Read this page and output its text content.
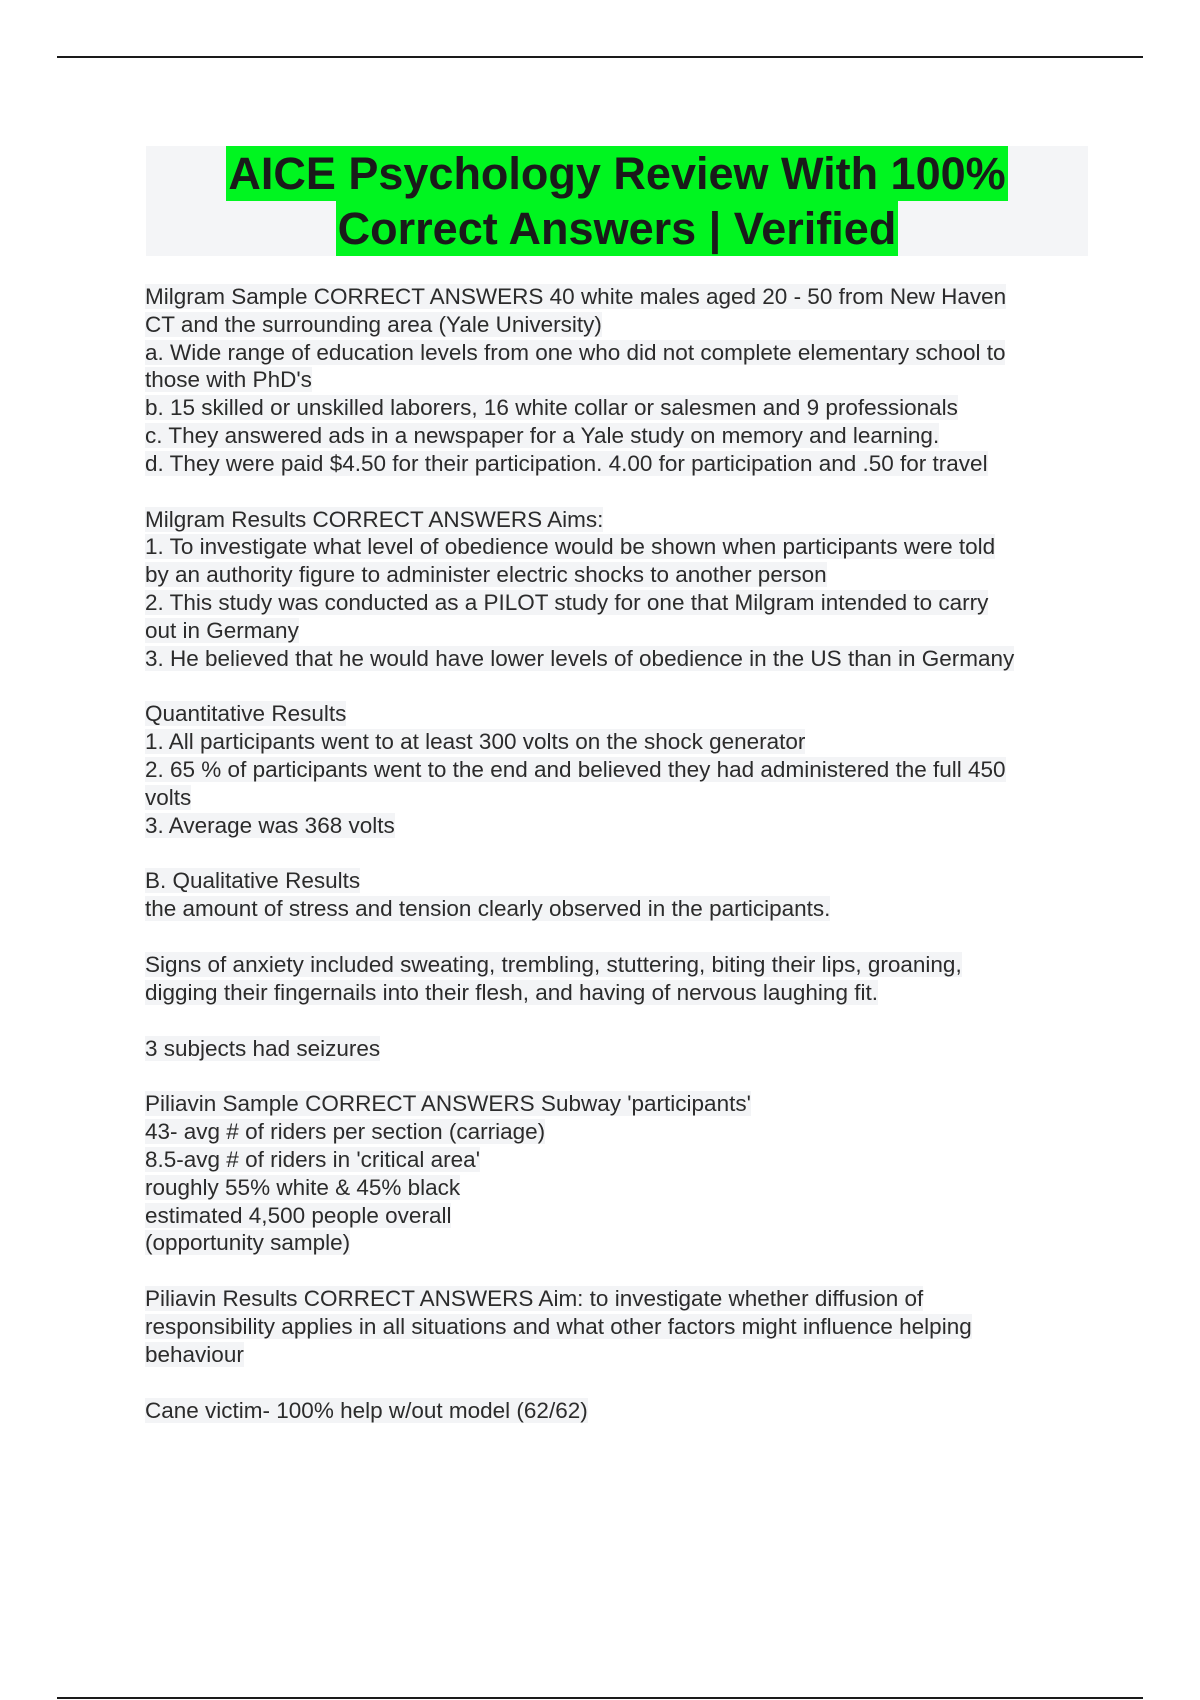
AICE Psychology Review With 100%
Correct Answers | Verified
Milgram Sample CORRECT ANSWERS 40 white males aged 20 - 50 from New Haven
CT and the surrounding area (Yale University)
a. Wide range of education levels from one who did not complete elementary school to
those with PhD's
b. 15 skilled or unskilled laborers, 16 white collar or salesmen and 9 professionals
c. They answered ads in a newspaper for a Yale study on memory and learning.
d. They were paid $4.50 for their participation. 4.00 for participation and .50 for travel
Milgram Results CORRECT ANSWERS Aims:
1. To investigate what level of obedience would be shown when participants were told
by an authority figure to administer electric shocks to another person
2. This study was conducted as a PILOT study for one that Milgram intended to carry
out in Germany
3. He believed that he would have lower levels of obedience in the US than in Germany
Quantitative Results
1. All participants went to at least 300 volts on the shock generator
2. 65 % of participants went to the end and believed they had administered the full 450
volts
3. Average was 368 volts
B. Qualitative Results
the amount of stress and tension clearly observed in the participants.
Signs of anxiety included sweating, trembling, stuttering, biting their lips, groaning,
digging their fingernails into their flesh, and having of nervous laughing fit.
3 subjects had seizures
Piliavin Sample CORRECT ANSWERS Subway 'participants'
43- avg # of riders per section (carriage)
8.5-avg # of riders in 'critical area'
roughly 55% white & 45% black
estimated 4,500 people overall
(opportunity sample)
Piliavin Results CORRECT ANSWERS Aim: to investigate whether diffusion of
responsibility applies in all situations and what other factors might influence helping
behaviour
Cane victim- 100% help w/out model (62/62)
